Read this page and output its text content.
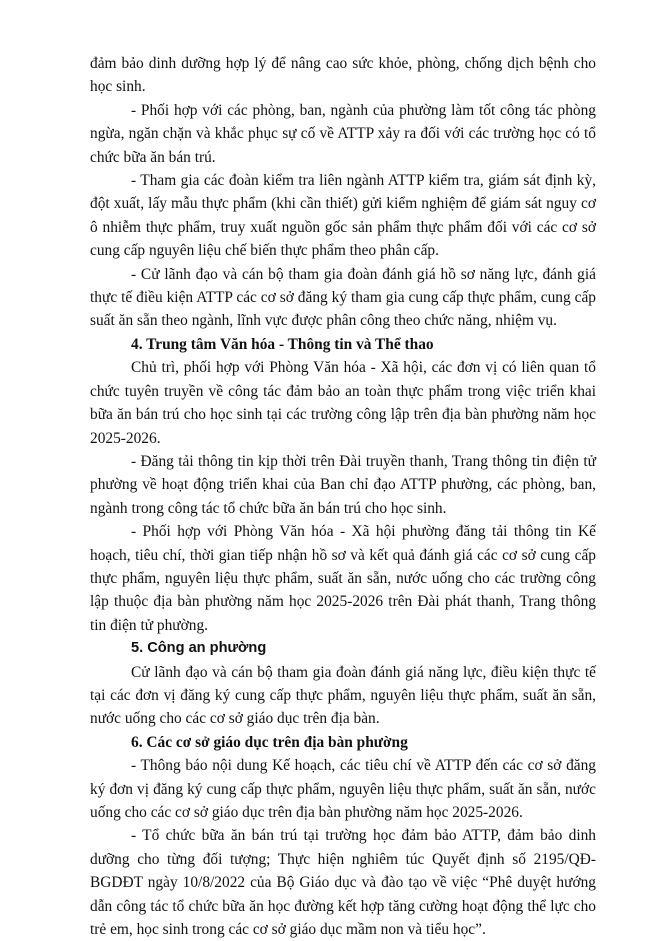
đảm bảo dinh dưỡng hợp lý để nâng cao sức khỏe, phòng, chống dịch bệnh cho học sinh.

- Phối hợp với các phòng, ban, ngành của phường làm tốt công tác phòng ngừa, ngăn chặn và khắc phục sự cố về ATTP xảy ra đối với các trường học có tổ chức bữa ăn bán trú.

- Tham gia các đoàn kiểm tra liên ngành ATTP kiểm tra, giám sát định kỳ, đột xuất, lấy mẫu thực phẩm (khi cần thiết) gửi kiểm nghiệm để giám sát nguy cơ ô nhiễm thực phẩm, truy xuất nguồn gốc sản phẩm thực phẩm đối với các cơ sở cung cấp nguyên liệu chế biến thực phẩm theo phân cấp.

- Cử lãnh đạo và cán bộ tham gia đoàn đánh giá hồ sơ năng lực, đánh giá thực tế điều kiện ATTP các cơ sở đăng ký tham gia cung cấp thực phẩm, cung cấp suất ăn sẵn theo ngành, lĩnh vực được phân công theo chức năng, nhiệm vụ.

4. Trung tâm Văn hóa - Thông tin và Thể thao

Chủ trì, phối hợp với Phòng Văn hóa - Xã hội, các đơn vị có liên quan tổ chức tuyên truyền về công tác đảm bảo an toàn thực phẩm trong việc triển khai bữa ăn bán trú cho học sinh tại các trường công lập trên địa bàn phường năm học 2025-2026.

- Đăng tải thông tin kịp thời trên Đài truyền thanh, Trang thông tin điện tử phường về hoạt động triển khai của Ban chỉ đạo ATTP phường, các phòng, ban, ngành trong công tác tổ chức bữa ăn bán trú cho học sinh.

- Phối hợp với Phòng Văn hóa - Xã hội phường đăng tải thông tin Kế hoạch, tiêu chí, thời gian tiếp nhận hồ sơ và kết quả đánh giá các cơ sở cung cấp thực phẩm, nguyên liệu thực phẩm, suất ăn sẵn, nước uống cho các trường công lập thuộc địa bàn phường năm học 2025-2026 trên Đài phát thanh, Trang thông tin điện tử phường.

5. Công an phường

Cử lãnh đạo và cán bộ tham gia đoàn đánh giá năng lực, điều kiện thực tế tại các đơn vị đăng ký cung cấp thực phẩm, nguyên liệu thực phẩm, suất ăn sẵn, nước uống cho các cơ sở giáo dục trên địa bàn.

6. Các cơ sở giáo dục trên địa bàn phường

- Thông báo nội dung Kế hoạch, các tiêu chí về ATTP đến các cơ sở đăng ký đơn vị đăng ký cung cấp thực phẩm, nguyên liệu thực phẩm, suất ăn sẵn, nước uống cho các cơ sở giáo dục trên địa bàn phường năm học 2025-2026.

- Tổ chức bữa ăn bán trú tại trường học đảm bảo ATTP, đảm bảo dinh dưỡng cho từng đối tượng; Thực hiện nghiêm túc Quyết định số 2195/QĐ-BGDĐT ngày 10/8/2022 của Bộ Giáo dục và đào tạo về việc “Phê duyệt hướng dẫn công tác tổ chức bữa ăn học đường kết hợp tăng cường hoạt động thể lực cho trẻ em, học sinh trong các cơ sở giáo dục mầm non và tiểu học”.
